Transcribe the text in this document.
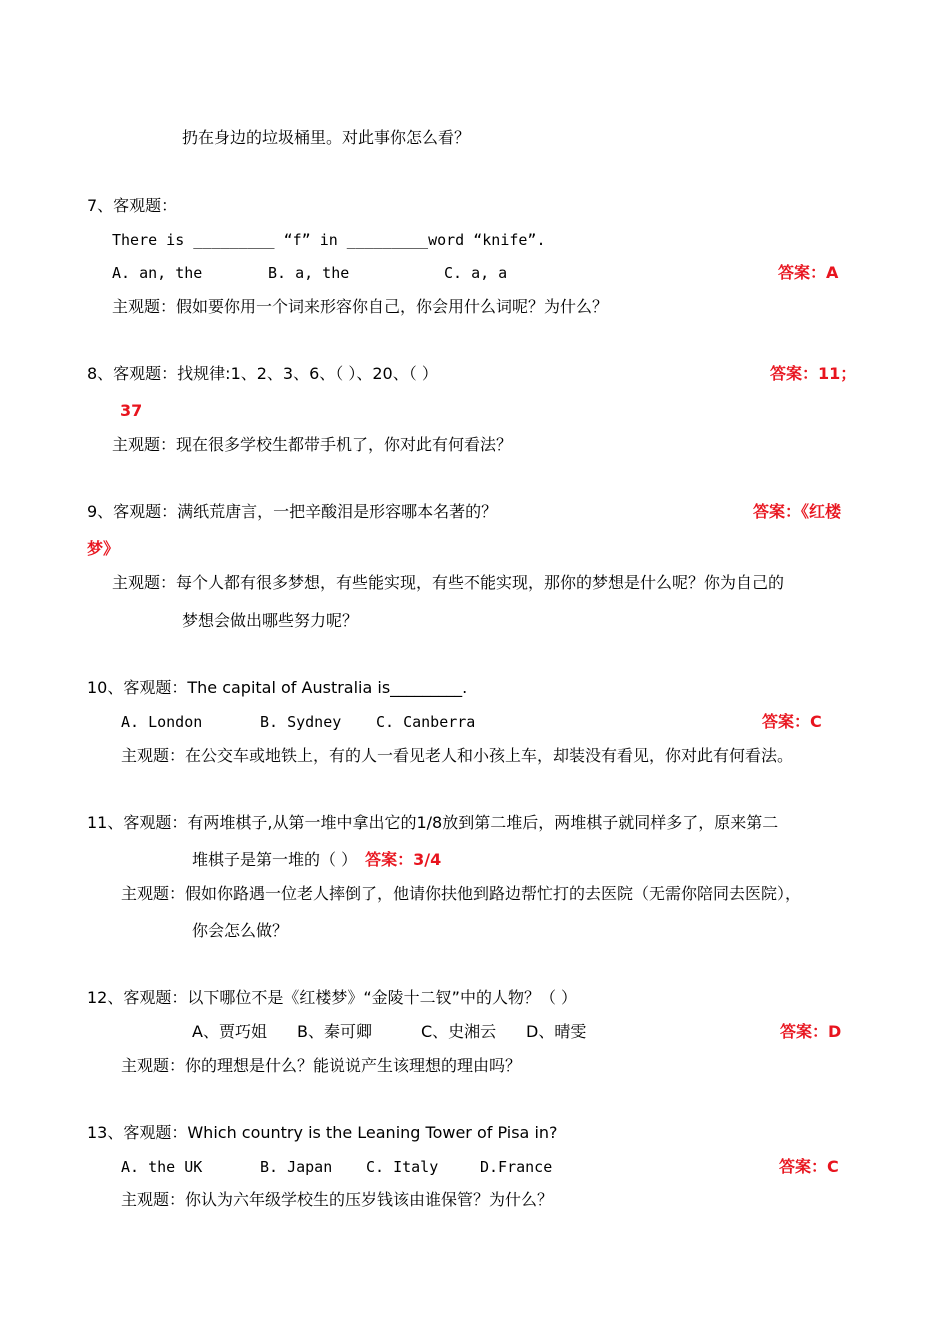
扔在身边的垃圾桶里。对此事你怎么看？
7、客观题：
There is _________ “f” in _________word “knife”.
A. an, the	B. a, the	C. a, a	答案：A
主观题：假如要你用一个词来形容你自己，你会用什么词呢？为什么？
8、客观题：找规律:1、2、3、6、（ ）、20、（ ）	答案：11；
37
主观题：现在很多学校生都带手机了，你对此有何看法？
9、客观题：满纸荒唐言，一把辛酸泪是形容哪本名著的？	答案：《红楼
梦》
主观题：每个人都有很多梦想，有些能实现，有些不能实现，那你的梦想是什么呢？你为自己的
梦想会做出哪些努力呢？
10、客观题：The capital of Australia is_________.
A. London	B. Sydney C. Canberra	答案：C
主观题：在公交车或地铁上，有的人一看见老人和小孩上车，却装没有看见，你对此有何看法。
11、客观题：有两堆棋子,从第一堆中拿出它的1/8放到第二堆后，两堆棋子就同样多了，原来第二
堆棋子是第一堆的（ ） 答案：3/4
主观题：假如你路遇一位老人摔倒了，他请你扶他到路边帮忙打的去医院（无需你陪同去医院），
你会怎么做？
12、客观题：以下哪位不是《红楼梦》“金陵十二钗”中的人物？（ ）
A、贾巧姐 B、秦可卿	C、史湘云 D、晴雯	答案：D
主观题：你的理想是什么？能说说产生该理想的理由吗？
13、客观题：Which country is the Leaning Tower of Pisa in?
A. the UK	B. Japan C. Italy	D.France	答案：C
主观题：你认为六年级学校生的压岁钱该由谁保管？为什么？
